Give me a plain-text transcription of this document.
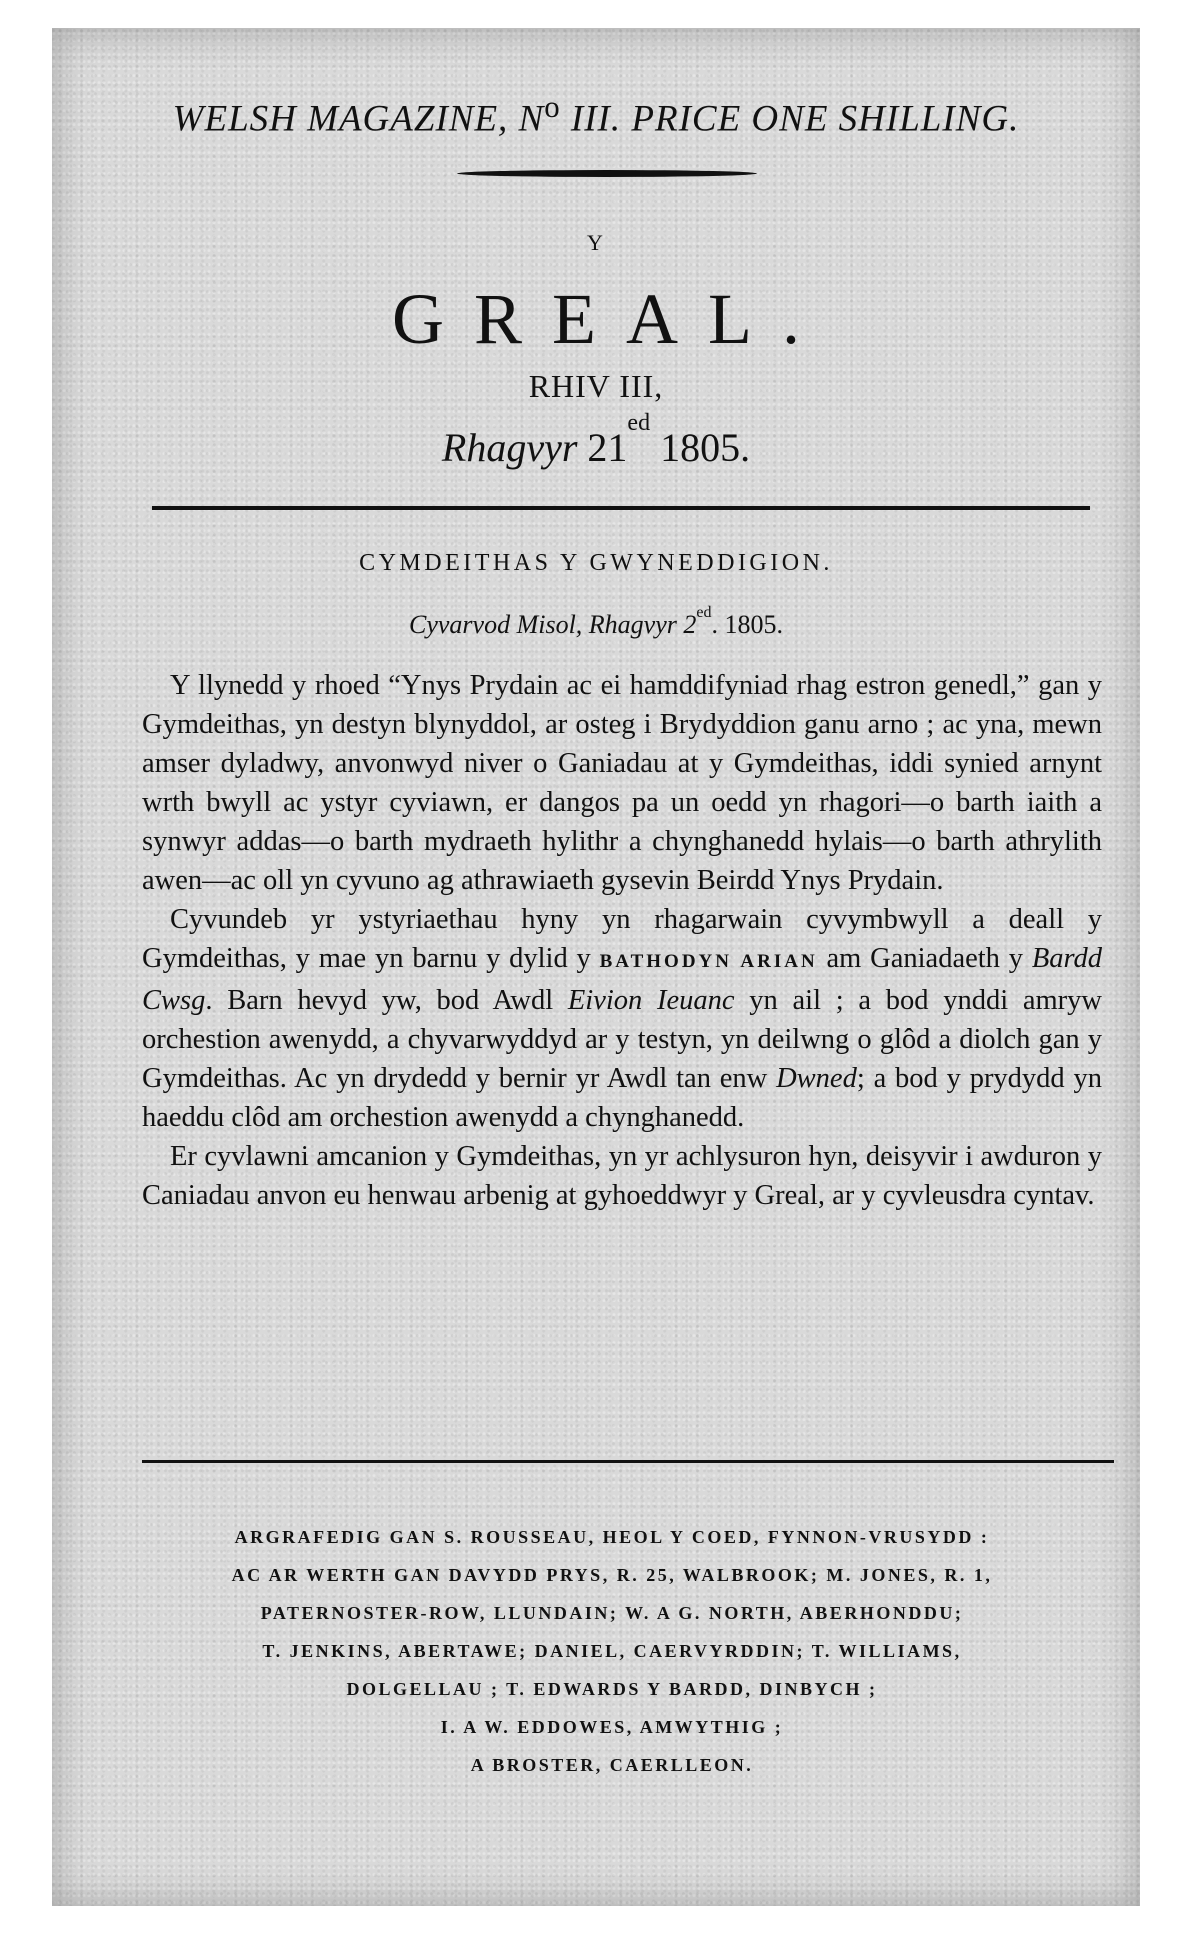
WELSH MAGAZINE, $N^o$ III. PRICE ONE SHILLING.
Y
GREAL.
RHIV III,
Rhagvyr $21^{ed}$ 1805.
CYMDEITHAS Y GWYNEDDIGION.
Cyvarvod Misol, Rhagvyr $2^{ed}$. 1805.

Y llynedd y rhoed “Ynys Prydain ac ei hamddifyniad rhag estron genedl,” gan y Gymdeithas, yn destyn blynyddol, ar osteg i Brydyddion ganu arno ; ac yna, mewn amser dyladwy, anvonwyd niver o Ganiadau at y Gymdeithas, iddi synied arnynt wrth bwyll ac ystyr cyviawn, er dangos pa un oedd yn rhagori—o barth iaith a synwyr addas—o barth mydraeth hylithr a chynghanedd hylais—o barth athrylith awen—ac oll yn cyvuno ag athrawiaeth gysevin Beirdd Ynys Prydain.

Cyvundeb yr ystyriaethau hyny yn rhagarwain cyvymbwyll a deall y Gymdeithas, y mae yn barnu y dylid y BATHODYN ARIAN am Ganiadaeth y Bardd Cwsg. Barn hevyd yw, bod Awdl Eivion Ieuanc yn ail ; a bod ynddi amryw orchestion awenydd, a chyvarwyddyd ar y testyn, yn deilwng o glôd a diolch gan y Gymdeithas. Ac yn drydedd y bernir yr Awdl tan enw Dwned; a bod y prydydd yn haeddu clôd am orchestion awenydd a chynghanedd.

Er cyvlawni amcanion y Gymdeithas, yn yr achlysuron hyn, deisyvir i awduron y Caniadau anvon eu henwau arbenig at gyhoeddwyr y Greal, ar y cyvleusdra cyntav.

ARGRAFEDIG GAN S. ROUSSEAU, HEOL Y COED, FYNNON-VRUSYDD :
AC AR WERTH GAN DAVYDD PRYS, R. 25, WALBROOK; M. JONES, R. 1,
PATERNOSTER-ROW, LLUNDAIN; W. A G. NORTH, ABERHONDDU;
T. JENKINS, ABERTAWE; DANIEL, CAERVYRDDIN; T. WILLIAMS,
DOLGELLAU ; T. EDWARDS Y BARDD, DINBYCH ;
I. A W. EDDOWES, AMWYTHIG ;
A BROSTER, CAERLLEON.
